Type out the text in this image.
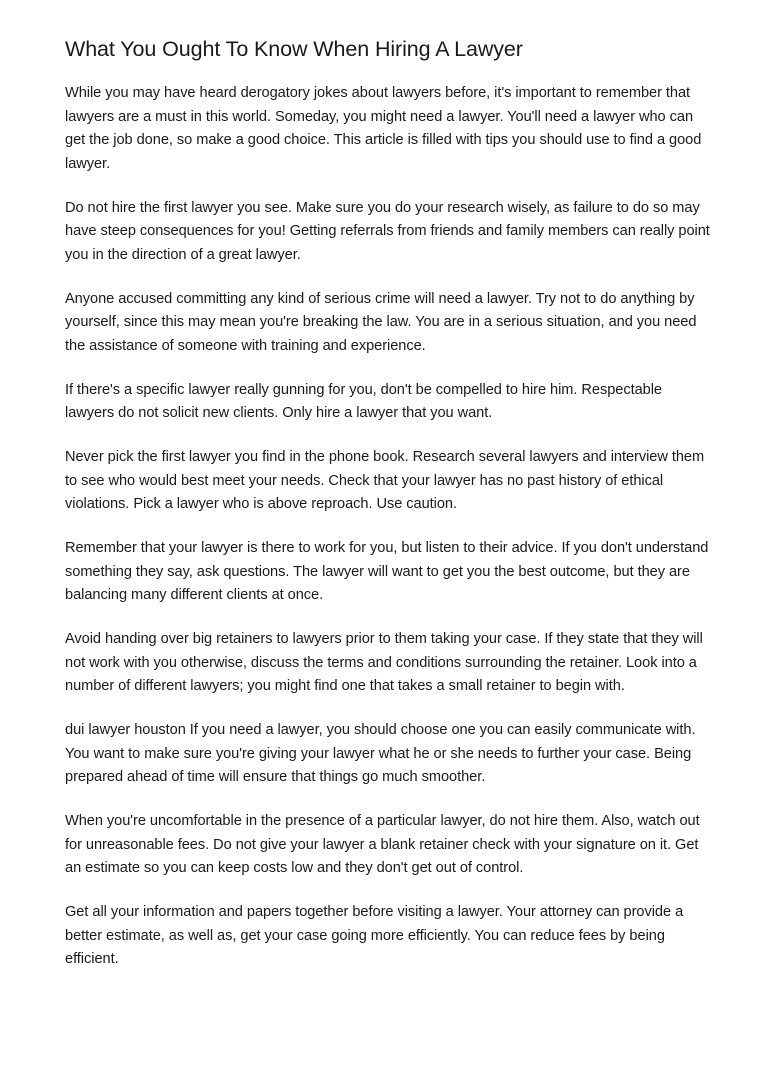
What You Ought To Know When Hiring A Lawyer

While you may have heard derogatory jokes about lawyers before, it's important to remember that lawyers are a must in this world. Someday, you might need a lawyer. You'll need a lawyer who can get the job done, so make a good choice. This article is filled with tips you should use to find a good lawyer.

Do not hire the first lawyer you see. Make sure you do your research wisely, as failure to do so may have steep consequences for you! Getting referrals from friends and family members can really point you in the direction of a great lawyer.

Anyone accused committing any kind of serious crime will need a lawyer. Try not to do anything by yourself, since this may mean you're breaking the law. You are in a serious situation, and you need the assistance of someone with training and experience.

If there's a specific lawyer really gunning for you, don't be compelled to hire him. Respectable lawyers do not solicit new clients. Only hire a lawyer that you want.

Never pick the first lawyer you find in the phone book. Research several lawyers and interview them to see who would best meet your needs. Check that your lawyer has no past history of ethical violations. Pick a lawyer who is above reproach. Use caution.

Remember that your lawyer is there to work for you, but listen to their advice. If you don't understand something they say, ask questions. The lawyer will want to get you the best outcome, but they are balancing many different clients at once.

Avoid handing over big retainers to lawyers prior to them taking your case. If they state that they will not work with you otherwise, discuss the terms and conditions surrounding the retainer. Look into a number of different lawyers; you might find one that takes a small retainer to begin with.

dui lawyer houston If you need a lawyer, you should choose one you can easily communicate with. You want to make sure you're giving your lawyer what he or she needs to further your case. Being prepared ahead of time will ensure that things go much smoother.

When you're uncomfortable in the presence of a particular lawyer, do not hire them. Also, watch out for unreasonable fees. Do not give your lawyer a blank retainer check with your signature on it. Get an estimate so you can keep costs low and they don't get out of control.

Get all your information and papers together before visiting a lawyer. Your attorney can provide a better estimate, as well as, get your case going more efficiently. You can reduce fees by being efficient.
